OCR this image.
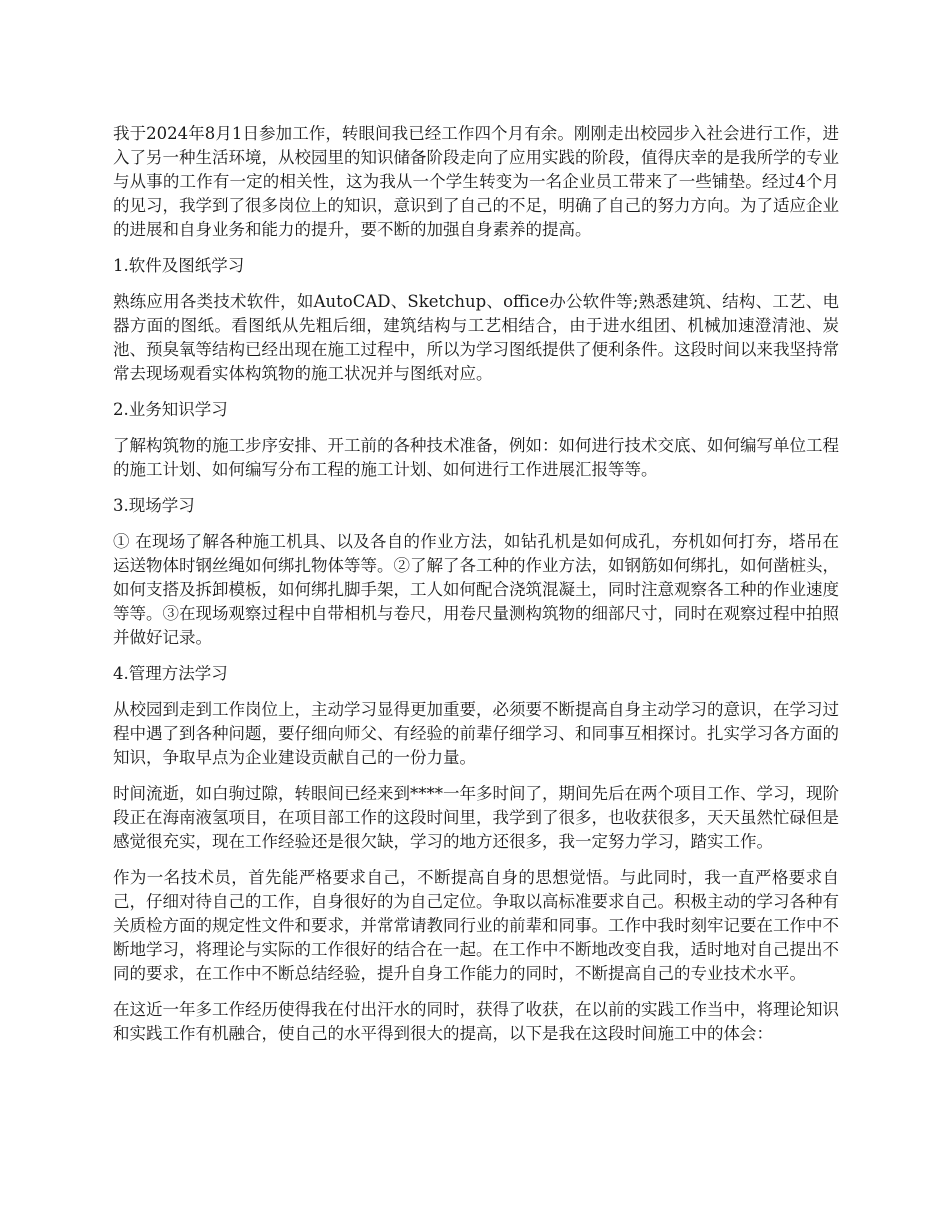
我于2024年8月1日参加工作，转眼间我已经工作四个月有余。刚刚走出校园步入社会进行工作，进入了另一种生活环境，从校园里的知识储备阶段走向了应用实践的阶段，值得庆幸的是我所学的专业与从事的工作有一定的相关性，这为我从一个学生转变为一名企业员工带来了一些铺垫。经过4个月的见习，我学到了很多岗位上的知识，意识到了自己的不足，明确了自己的努力方向。为了适应企业的进展和自身业务和能力的提升，要不断的加强自身素养的提高。

1.软件及图纸学习

熟练应用各类技术软件，如AutoCAD、Sketchup、office办公软件等;熟悉建筑、结构、工艺、电器方面的图纸。看图纸从先粗后细，建筑结构与工艺相结合，由于进水组团、机械加速澄清池、炭池、预臭氧等结构已经出现在施工过程中，所以为学习图纸提供了便利条件。这段时间以来我坚持常常去现场观看实体构筑物的施工状况并与图纸对应。

2.业务知识学习

了解构筑物的施工步序安排、开工前的各种技术准备，例如：如何进行技术交底、如何编写单位工程的施工计划、如何编写分布工程的施工计划、如何进行工作进展汇报等等。

3.现场学习

① 在现场了解各种施工机具、以及各自的作业方法，如钻孔机是如何成孔，夯机如何打夯，塔吊在运送物体时钢丝绳如何绑扎物体等等。②了解了各工种的作业方法，如钢筋如何绑扎，如何凿桩头，如何支搭及拆卸模板，如何绑扎脚手架，工人如何配合浇筑混凝土，同时注意观察各工种的作业速度等等。③在现场观察过程中自带相机与卷尺，用卷尺量测构筑物的细部尺寸，同时在观察过程中拍照并做好记录。

4.管理方法学习

从校园到走到工作岗位上，主动学习显得更加重要，必须要不断提高自身主动学习的意识，在学习过程中遇了到各种问题，要仔细向师父、有经验的前辈仔细学习、和同事互相探讨。扎实学习各方面的知识，争取早点为企业建设贡献自己的一份力量。

时间流逝，如白驹过隙，转眼间已经来到****一年多时间了，期间先后在两个项目工作、学习，现阶段正在海南液氢项目，在项目部工作的这段时间里，我学到了很多，也收获很多，天天虽然忙碌但是感觉很充实，现在工作经验还是很欠缺，学习的地方还很多，我一定努力学习，踏实工作。

作为一名技术员，首先能严格要求自己，不断提高自身的思想觉悟。与此同时，我一直严格要求自己，仔细对待自己的工作，自身很好的为自己定位。争取以高标准要求自己。积极主动的学习各种有关质检方面的规定性文件和要求，并常常请教同行业的前辈和同事。工作中我时刻牢记要在工作中不断地学习，将理论与实际的工作很好的结合在一起。在工作中不断地改变自我，适时地对自己提出不同的要求，在工作中不断总结经验，提升自身工作能力的同时，不断提高自己的专业技术水平。

在这近一年多工作经历使得我在付出汗水的同时，获得了收获，在以前的实践工作当中，将理论知识和实践工作有机融合，使自己的水平得到很大的提高，以下是我在这段时间施工中的体会：
